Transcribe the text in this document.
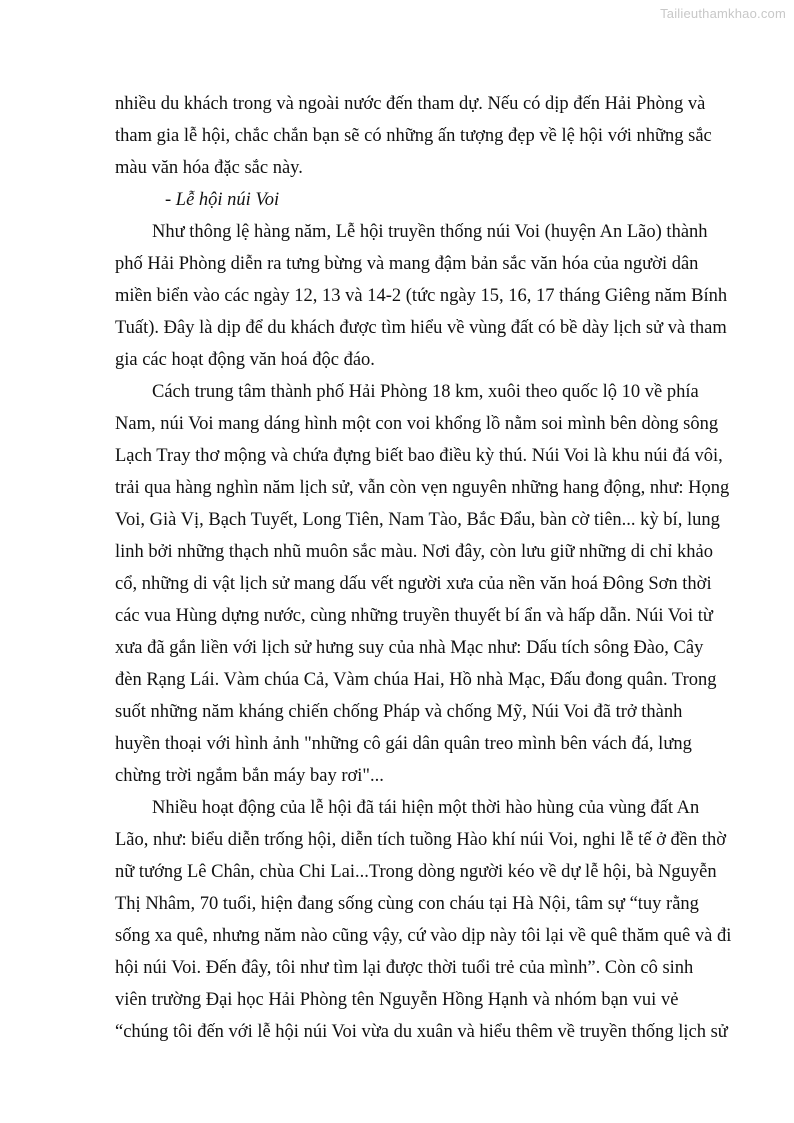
Tailieuthamkhao.com
nhiều du khách trong và ngoài nước đến tham dự. Nếu có dịp đến Hải Phòng và
tham gia lễ hội, chắc chắn bạn sẽ có những ấn tượng đẹp về lệ hội với những sắc
màu văn hóa đặc sắc này.
- Lễ hội núi Voi
Như thông lệ hàng năm, Lễ hội truyền thống núi Voi (huyện An Lão) thành
phố Hải Phòng diễn ra tưng bừng và mang đậm bản sắc văn hóa của người dân
miền biển vào các ngày 12, 13 và 14-2 (tức ngày 15, 16, 17 tháng Giêng năm Bính
Tuất). Đây là dịp để du khách được tìm hiểu về vùng đất có bề dày lịch sử và tham
gia các hoạt động văn hoá độc đáo.
Cách trung tâm thành phố Hải Phòng 18 km, xuôi theo quốc lộ 10 về phía
Nam, núi Voi mang dáng hình một con voi khổng lồ nằm soi mình bên dòng sông
Lạch Tray thơ mộng và chứa đựng biết bao điều kỳ thú. Núi Voi là khu núi đá vôi,
trải qua hàng nghìn năm lịch sử, vẫn còn vẹn nguyên những hang động, như: Họng
Voi, Già Vị, Bạch Tuyết, Long Tiên, Nam Tào, Bắc Đẩu, bàn cờ tiên... kỳ bí, lung
linh bởi những thạch nhũ muôn sắc màu. Nơi đây, còn lưu giữ những di chỉ khảo
cổ, những di vật lịch sử mang dấu vết người xưa của nền văn hoá Đông Sơn thời
các vua Hùng dựng nước, cùng những truyền thuyết bí ẩn và hấp dẫn. Núi Voi từ
xưa đã gắn liền với lịch sử hưng suy của nhà Mạc như: Dấu tích sông Đào, Cây
đèn Rạng Lái. Vàm chúa Cả, Vàm chúa Hai, Hồ nhà Mạc, Đấu đong quân. Trong
suốt những năm kháng chiến chống Pháp và chống Mỹ, Núi Voi đã trở thành
huyền thoại với hình ảnh "những cô gái dân quân treo mình bên vách đá, lưng
chừng trời ngắm bắn máy bay rơi"...
Nhiều hoạt động của lễ hội đã tái hiện một thời hào hùng của vùng đất An
Lão, như: biểu diễn trống hội, diễn tích tuồng Hào khí núi Voi, nghi lễ tế ở đền thờ
nữ tướng Lê Chân, chùa Chi Lai...Trong dòng người kéo về dự lễ hội, bà Nguyễn
Thị Nhâm, 70 tuổi, hiện đang sống cùng con cháu tại Hà Nội, tâm sự “tuy rằng
sống xa quê, nhưng năm nào cũng vậy, cứ vào dịp này tôi lại về quê thăm quê và đi
hội núi Voi. Đến đây, tôi như tìm lại được thời tuổi trẻ của mình”. Còn cô sinh
viên trường Đại học Hải Phòng tên Nguyễn Hồng Hạnh và nhóm bạn vui vẻ
“chúng tôi đến với lễ hội núi Voi vừa du xuân và hiểu thêm về truyền thống lịch sử
